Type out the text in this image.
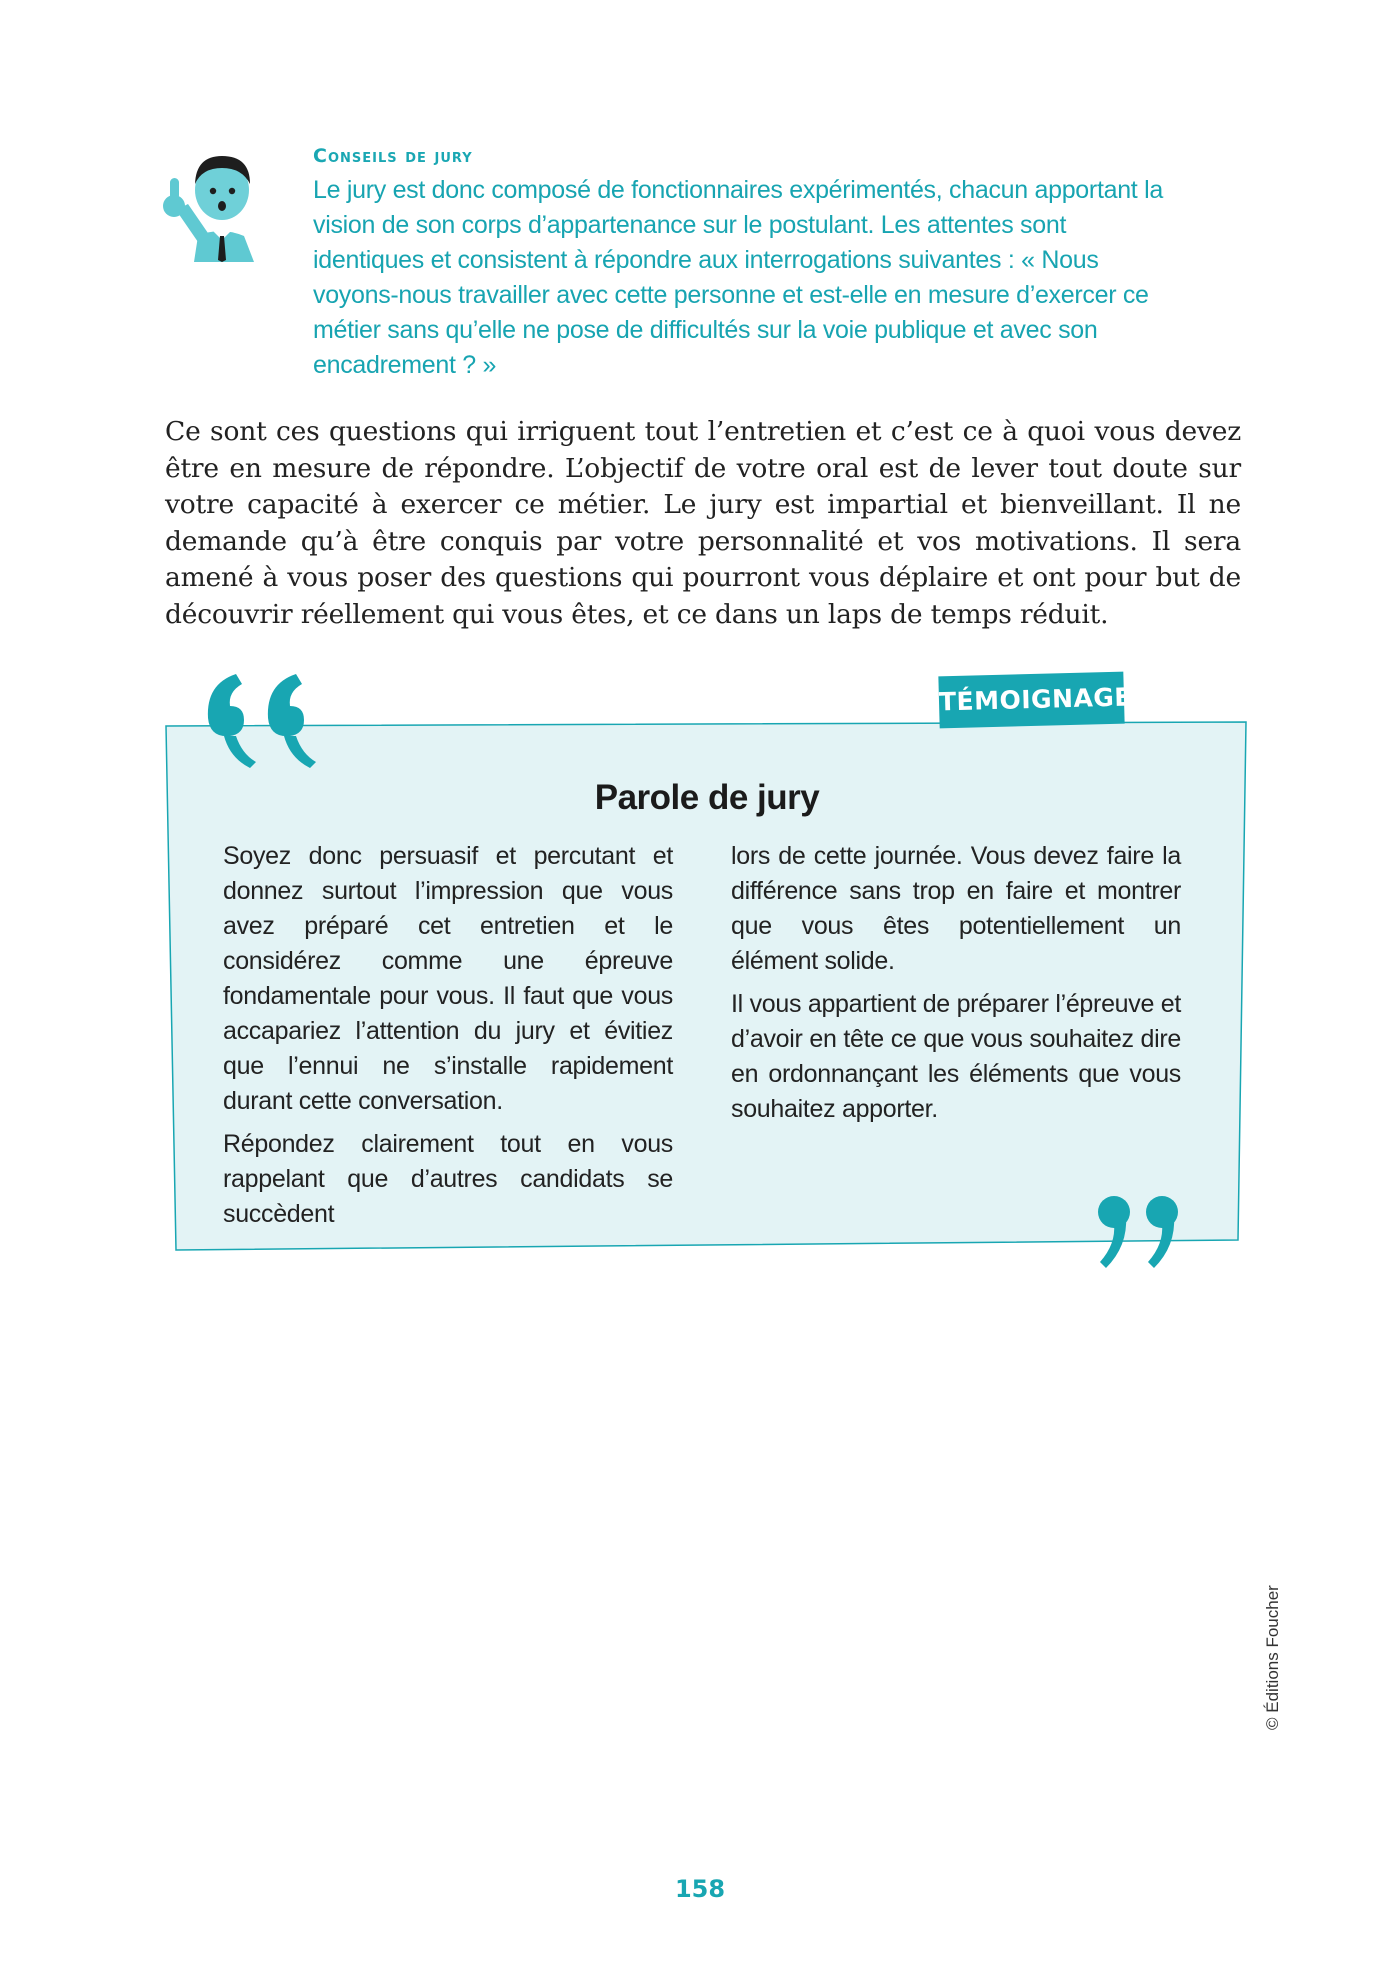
Conseils de jury

Le jury est donc composé de fonctionnaires expérimentés, chacun apportant la vision de son corps d’appartenance sur le postulant. Les attentes sont identiques et consistent à répondre aux interrogations suivantes : « Nous voyons-nous travailler avec cette personne et est-elle en mesure d’exercer ce métier sans qu’elle ne pose de difficultés sur la voie publique et avec son encadrement ? »

Ce sont ces questions qui irriguent tout l’entretien et c’est ce à quoi vous devez être en mesure de répondre. L’objectif de votre oral est de lever tout doute sur votre capacité à exercer ce métier. Le jury est impartial et bienveillant. Il ne demande qu’à être conquis par votre personnalité et vos motivations. Il sera amené à vous poser des questions qui pourront vous déplaire et ont pour but de découvrir réellement qui vous êtes, et ce dans un laps de temps réduit.

TÉMOIGNAGE
Parole de jury

Soyez donc persuasif et percutant et donnez surtout l’impression que vous avez préparé cet entretien et le considérez comme une épreuve fondamentale pour vous. Il faut que vous accapariez l’attention du jury et évitiez que l’ennui ne s’installe rapidement durant cette conversation.

Répondez clairement tout en vous rappelant que d’autres candidats se succèdent

lors de cette journée. Vous devez faire la différence sans trop en faire et montrer que vous êtes potentiellement un élément solide.

Il vous appartient de préparer l’épreuve et d’avoir en tête ce que vous souhaitez dire en ordonnançant les éléments que vous souhaitez apporter.

158

© Éditions Foucher
